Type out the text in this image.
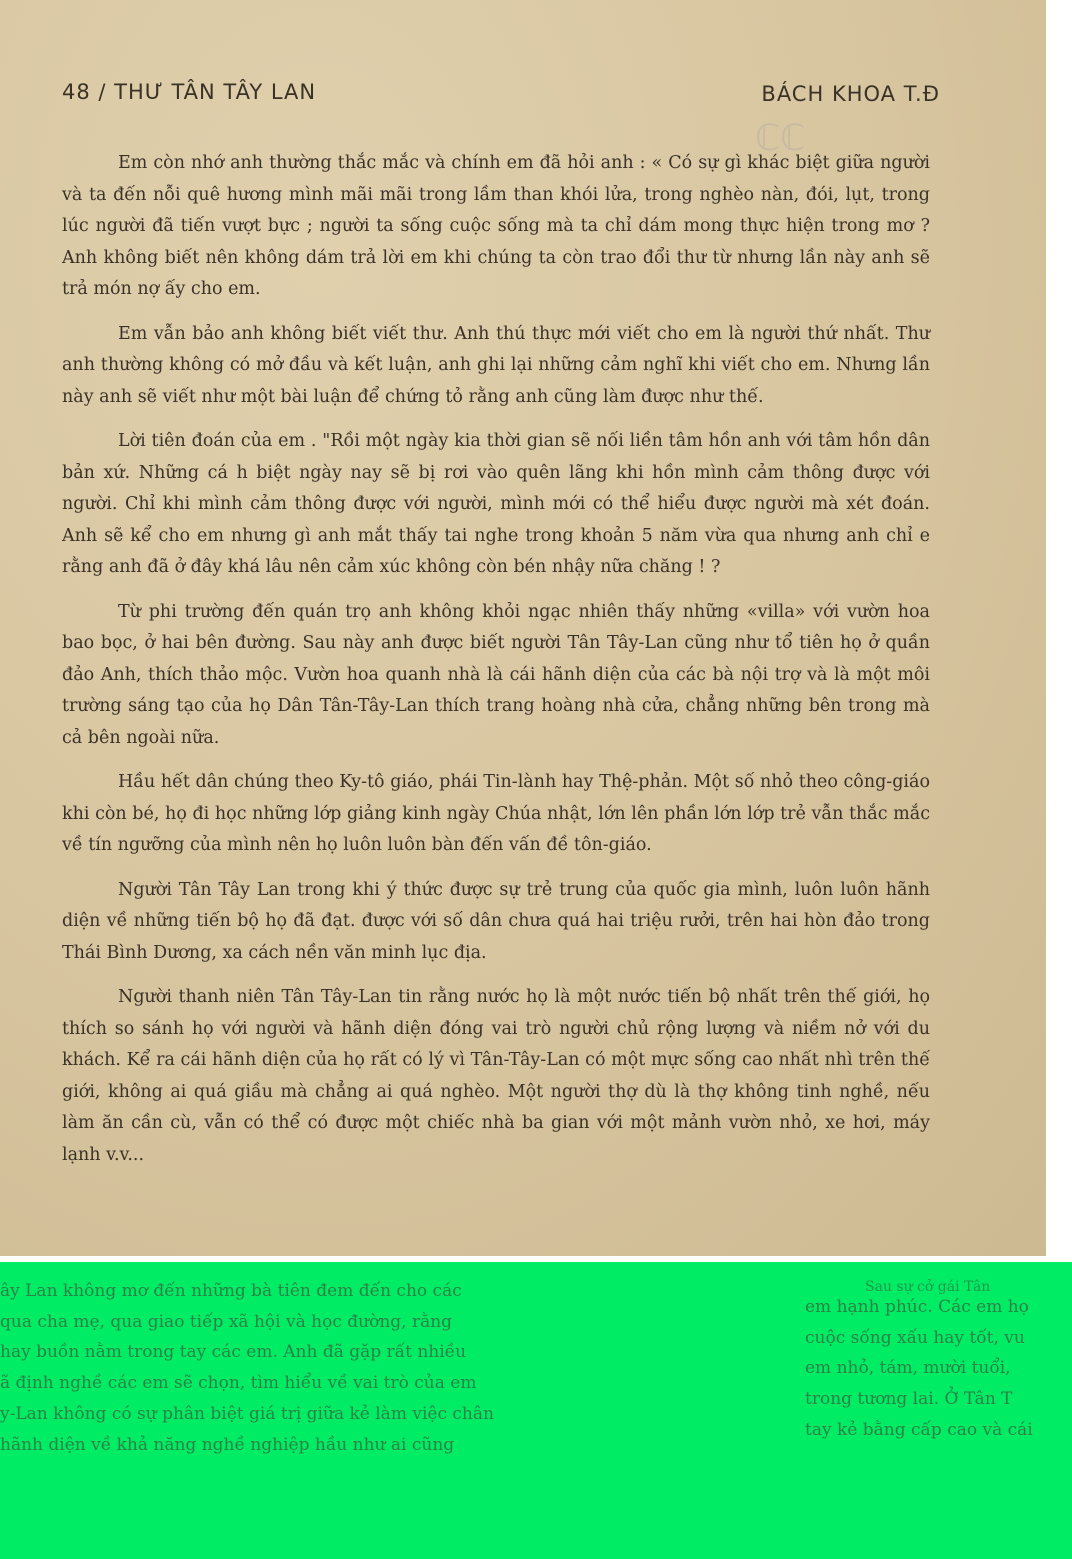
48 / THƯ TÂN TÂY LAN	BÁCH KHOA T.Đ
ℂℂ

Em còn nhớ anh thường thắc mắc và chính em đã hỏi anh : « Có sự gì khác biệt giữa người và ta đến nỗi quê hương mình mãi mãi trong lầm than khói lửa, trong nghèo nàn, đói, lụt, trong lúc người đã tiến vượt bực ; người ta sống cuộc sống mà ta chỉ dám mong thực hiện trong mơ ? Anh không biết nên không dám trả lời em khi chúng ta còn trao đổi thư từ nhưng lần này anh sẽ trả món nợ ấy cho em.

Em vẫn bảo anh không biết viết thư. Anh thú thực mới viết cho em là người thứ nhất. Thư anh thường không có mở đầu và kết luận, anh ghi lại những cảm nghĩ khi viết cho em. Nhưng lần này anh sẽ viết như một bài luận để chứng tỏ rằng anh cũng làm được như thế.

Lời tiên đoán của em . "Rồi một ngày kia thời gian sẽ nối liền tâm hồn anh với tâm hồn dân bản xứ. Những cá h biệt ngày nay sẽ bị rơi vào quên lãng khi hồn mình cảm thông được với người. Chỉ khi mình cảm thông được với người, mình mới có thể hiểu được người mà xét đoán. Anh sẽ kể cho em nhưng gì anh mắt thấy tai nghe trong khoản 5 năm vừa qua nhưng anh chỉ e rằng anh đã ở đây khá lâu nên cảm xúc không còn bén nhậy nữa chăng ! ?

Từ phi trường đến quán trọ anh không khỏi ngạc nhiên thấy những «villa» với vườn hoa bao bọc, ở hai bên đường. Sau này anh được biết người Tân Tây-Lan cũng như tổ tiên họ ở quần đảo Anh, thích thảo mộc. Vườn hoa quanh nhà là cái hãnh diện của các bà nội trợ và là một môi trường sáng tạo của họ Dân Tân-Tây-Lan thích trang hoàng nhà cửa, chẳng những bên trong mà cả bên ngoài nữa.

Hầu hết dân chúng theo Ky-tô giáo, phái Tin-lành hay Thệ-phản. Một số nhỏ theo công-giáo khi còn bé, họ đi học những lớp giảng kinh ngày Chúa nhật, lớn lên phần lớn lớp trẻ vẫn thắc mắc về tín ngưỡng của mình nên họ luôn luôn bàn đến vấn đề tôn-giáo.

Người Tân Tây Lan trong khi ý thức được sự trẻ trung của quốc gia mình, luôn luôn hãnh diện về những tiến bộ họ đã đạt. được với số dân chưa quá hai triệu rưởi, trên hai hòn đảo trong Thái Bình Dương, xa cách nền văn minh lục địa.

Người thanh niên Tân Tây-Lan tin rằng nước họ là một nước tiến bộ nhất trên thế giới, họ thích so sánh họ với người và hãnh diện đóng vai trò người chủ rộng lượng và niềm nở với du khách. Kể ra cái hãnh diện của họ rất có lý vì Tân-Tây-Lan có một mực sống cao nhất nhì trên thế giới, không ai quá giầu mà chẳng ai quá nghèo. Một người thợ dù là thợ không tinh nghề, nếu làm ăn cần cù, vẫn có thể có được một chiếc nhà ba gian với một mảnh vườn nhỏ, xe hơi, máy lạnh v.v...

ây Lan không mơ đến những bà tiên đem đến cho các
qua cha mẹ, qua giao tiếp xã hội và học đường, rằng
hay buồn nằm trong tay các em. Anh đã gặp rất nhiều
ã định nghề các em sẽ chọn, tìm hiểu về vai trò của em
y-Lan không có sự phân biệt giá trị giữa kẻ làm việc chân
hãnh diện về khả năng nghề nghiệp hầu như ai cũng
Sau sự cở gái Tân
em hạnh phúc. Các em họ
cuộc sống xấu hay tốt, vu
em nhỏ, tám, mười tuổi,
trong tương lai. Ở Tân T
tay kẻ bằng cấp cao và cái
